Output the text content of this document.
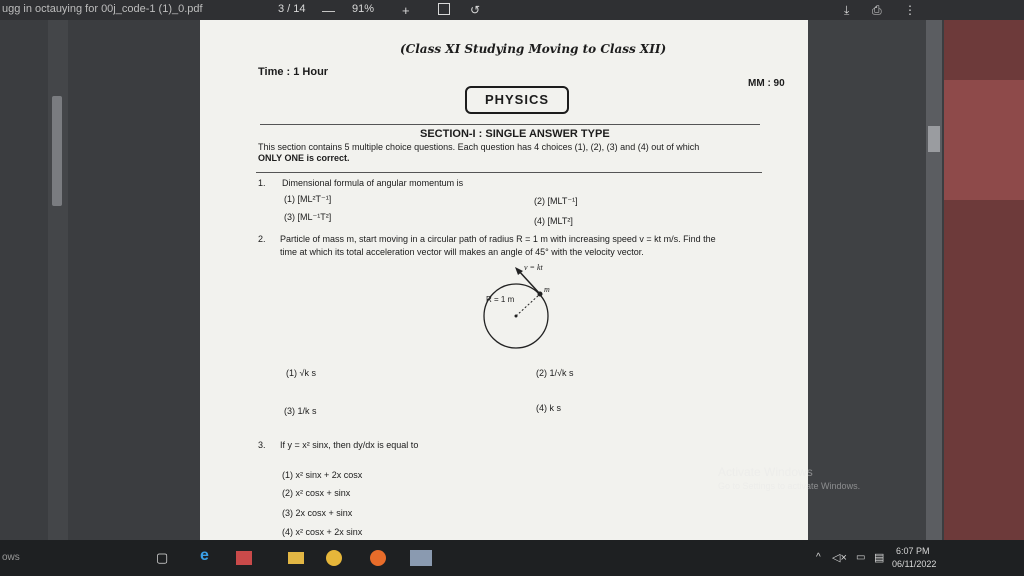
ugg in octauying for 00j_code-1 (1)_0.pdf	3 / 14 — 91% +	↺	⤓ ⎙ ⋮
(Class XI Studying Moving to Class XII)
Time : 1 Hour
MM : 90
PHYSICS
SECTION-I : SINGLE ANSWER TYPE
This section contains 5 multiple choice questions. Each question has 4 choices (1), (2), (3) and (4) out of which
ONLY ONE is correct.
1. Dimensional formula of angular momentum is
(1) [ML²T⁻¹]	(2) [MLT⁻¹]
(3) [ML⁻¹T²]	(4) [MLT²]
2. Particle of mass m, start moving in a circular path of radius R = 1 m with increasing speed v = kt m/s. Find the
time at which its total acceleration vector will makes an angle of 45° with the velocity vector.
v = kt
R = 1 m
m
(1) √k s	(2) 1/√k s
(3) 1/k s	(4) k s
3. If y = x² sinx, then dy/dx is equal to
(1) x² sinx + 2x cosx
(2) x² cosx + sinx
(3) 2x cosx + sinx
(4) x² cosx + 2x sinx
Activate Windows
Go to Settings to activate Windows.
ows	▢ e	^ ◁× ▭ ▤
6:07 PM
06/11/2022
